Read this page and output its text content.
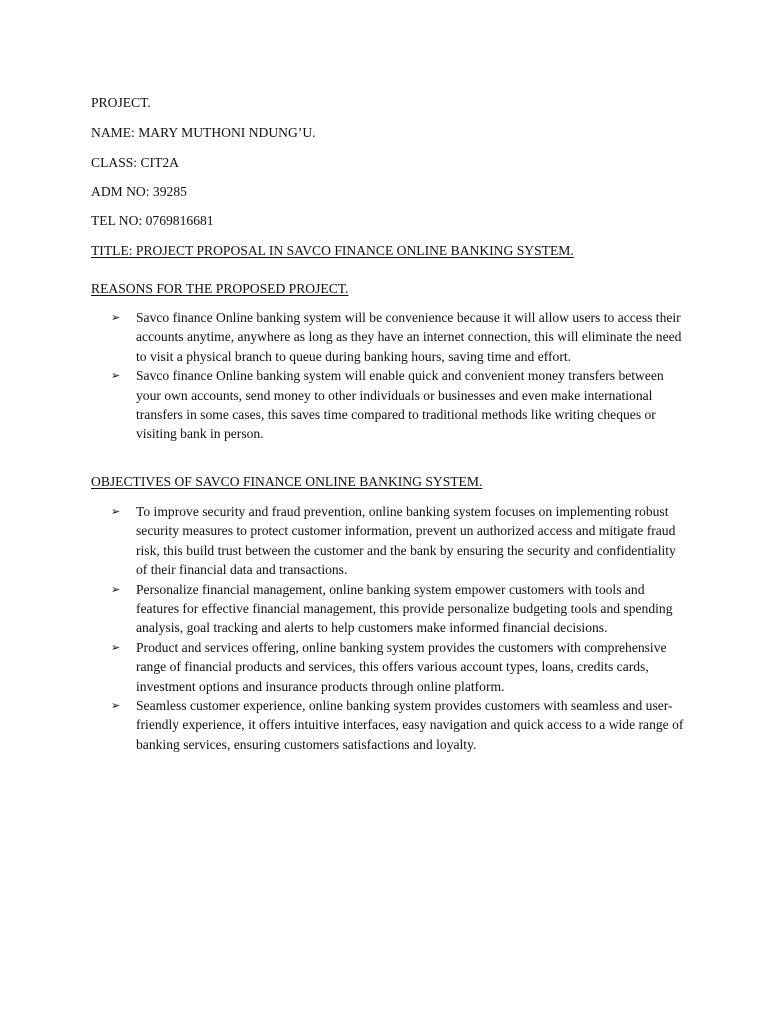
PROJECT.
NAME: MARY MUTHONI NDUNG’U.
CLASS: CIT2A
ADM NO: 39285
TEL NO: 0769816681
TITLE: PROJECT PROPOSAL IN SAVCO FINANCE ONLINE BANKING SYSTEM.
REASONS FOR THE PROPOSED PROJECT.
➢ Savco finance Online banking system will be convenience because it will allow users to access their accounts anytime, anywhere as long as they have an internet connection, this will eliminate the need to visit a physical branch to queue during banking hours, saving time and effort.
➢ Savco finance Online banking system will enable quick and convenient money transfers between your own accounts, send money to other individuals or businesses and even make international transfers in some cases, this saves time compared to traditional methods like writing cheques or visiting bank in person.
OBJECTIVES OF SAVCO FINANCE ONLINE BANKING SYSTEM.
➢ To improve security and fraud prevention, online banking system focuses on implementing robust security measures to protect customer information, prevent un authorized access and mitigate fraud risk, this build trust between the customer and the bank by ensuring the security and confidentiality of their financial data and transactions.
➢ Personalize financial management, online banking system empower customers with tools and features for effective financial management, this provide personalize budgeting tools and spending analysis, goal tracking and alerts to help customers make informed financial decisions.
➢ Product and services offering, online banking system provides the customers with comprehensive range of financial products and services, this offers various account types, loans, credits cards, investment options and insurance products through online platform.
➢ Seamless customer experience, online banking system provides customers with seamless and user-friendly experience, it offers intuitive interfaces, easy navigation and quick access to a wide range of banking services, ensuring customers satisfactions and loyalty.
